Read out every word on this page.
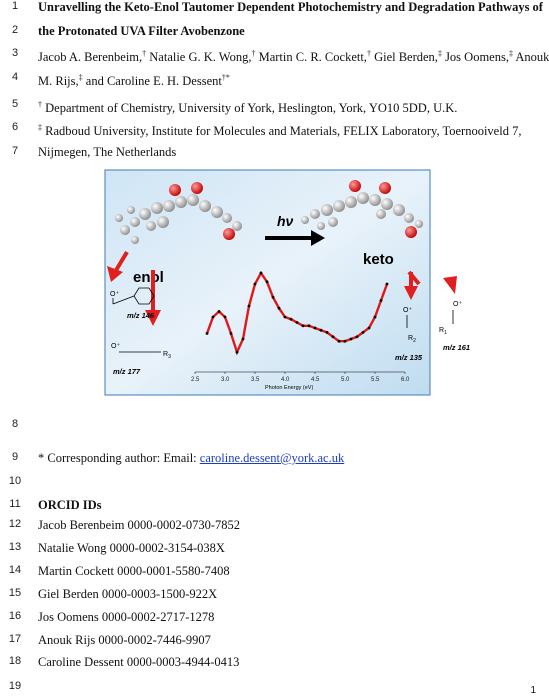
1
2
3
4
5
6
7
8
9
10
11
12
13
14
15
16
17
18
19
Unravelling the Keto-Enol Tautomer Dependent Photochemistry and Degradation Pathways of
the Protonated UVA Filter Avobenzone
Jacob A. Berenbeim,† Natalie G. K. Wong,† Martin C. R. Cockett,† Giel Berden,‡ Jos Oomens,‡ Anouk
M. Rijs,‡ and Caroline E. H. Dessent†*
† Department of Chemistry, University of York, Heslington, York, YO10 5DD, U.K.
‡ Radboud University, Institute for Molecules and Materials, FELIX Laboratory, Toernooiveld 7,
Nijmegen, The Netherlands
hν
enol
keto
O⁺
m/z 146
O⁺
$R_3$
m/z 177
O⁺
$R_2$
m/z 135
O⁺
$R_1$
m/z 161
2.5	3.0	3.5	4.0	4.5	5.0	5.5	6.0
Photon Energy (eV)
* Corresponding author: Email: caroline.dessent@york.ac.uk
ORCID IDs
Jacob Berenbeim 0000-0002-0730-7852
Natalie Wong 0000-0002-3154-038X
Martin Cockett 0000-0001-5580-7408
Giel Berden 0000-0003-1500-922X
Jos Oomens 0000-0002-2717-1278
Anouk Rijs 0000-0002-7446-9907
Caroline Dessent 0000-0003-4944-0413
1
